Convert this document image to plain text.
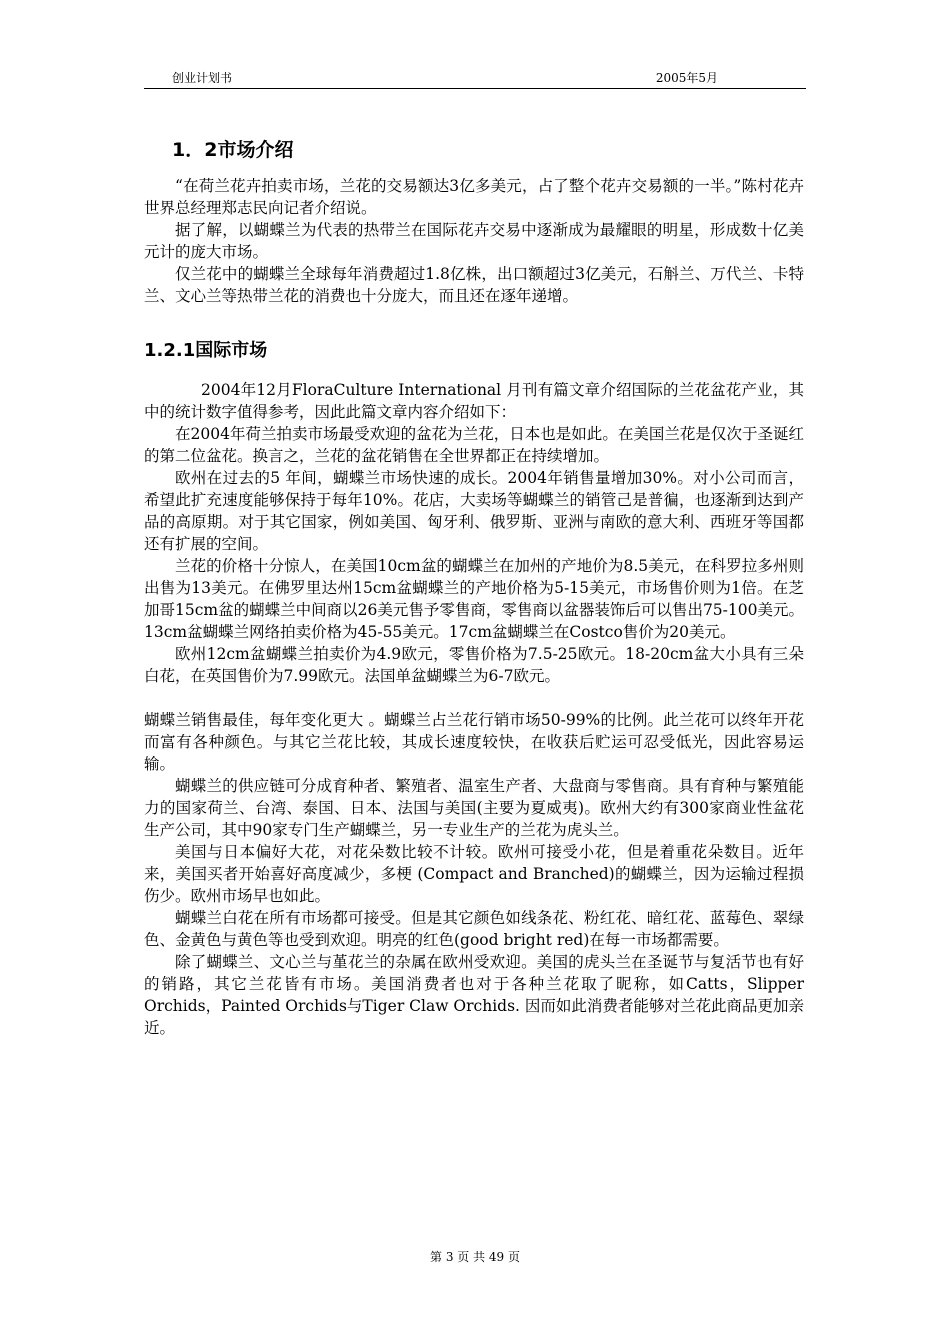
创业计划书	2005年5月
1．2市场介绍

“在荷兰花卉拍卖市场，兰花的交易额达3亿多美元，占了整个花卉交易额的一半。”陈村花卉世界总经理郑志民向记者介绍说。

据了解，以蝴蝶兰为代表的热带兰在国际花卉交易中逐渐成为最耀眼的明星，形成数十亿美元计的庞大市场。

仅兰花中的蝴蝶兰全球每年消费超过1.8亿株，出口额超过3亿美元，石斛兰、万代兰、卡特兰、文心兰等热带兰花的消费也十分庞大，而且还在逐年递增。

1.2.1国际市场

2004年12月FloraCulture International 月刊有篇文章介绍国际的兰花盆花产业，其中的统计数字值得参考，因此此篇文章内容介绍如下：

在2004年荷兰拍卖市场最受欢迎的盆花为兰花，日本也是如此。在美国兰花是仅次于圣诞红的第二位盆花。换言之，兰花的盆花销售在全世界都正在持续增加。

欧州在过去的5 年间，蝴蝶兰市场快速的成长。2004年销售量增加30%。对小公司而言，希望此扩充速度能够保持于每年10%。花店，大卖场等蝴蝶兰的销管己是普徧，也逐渐到达到产品的高原期。对于其它国家，例如美国、匈牙利、俄罗斯、亚洲与南欧的意大利、西班牙等国都还有扩展的空间。

兰花的价格十分惊人，在美国10cm盆的蝴蝶兰在加州的产地价为8.5美元，在科罗拉多州则出售为13美元。在佛罗里达州15cm盆蝴蝶兰的产地价格为5-15美元，市场售价则为1倍。在芝加哥15cm盆的蝴蝶兰中间商以26美元售予零售商，零售商以盆器装饰后可以售出75-100美元。13cm盆蝴蝶兰网络拍卖价格为45-55美元。17cm盆蝴蝶兰在Costco售价为20美元。

欧州12cm盆蝴蝶兰拍卖价为4.9欧元，零售价格为7.5-25欧元。18-20cm盆大小具有三朵白花，在英国售价为7.99欧元。法国单盆蝴蝶兰为6-7欧元。

蝴蝶兰销售最佳，每年变化更大 。蝴蝶兰占兰花行销市场50-99%的比例。此兰花可以终年开花而富有各种颜色。与其它兰花比较，其成长速度较快，在收获后贮运可忍受低光，因此容易运输。

蝴蝶兰的供应链可分成育种者、繁殖者、温室生产者、大盘商与零售商。具有育种与繁殖能力的国家荷兰、台湾、泰国、日本、法国与美国(主要为夏威夷)。欧州大约有300家商业性盆花生产公司，其中90家专门生产蝴蝶兰，另一专业生产的兰花为虎头兰。

美国与日本偏好大花，对花朵数比较不计较。欧州可接受小花，但是着重花朵数目。近年来，美国买者开始喜好高度减少，多梗 (Compact and Branched)的蝴蝶兰，因为运输过程损伤少。欧州市场早也如此。

蝴蝶兰白花在所有市场都可接受。但是其它颜色如线条花、粉红花、暗红花、蓝莓色、翠绿色、金黄色与黄色等也受到欢迎。明亮的红色(good bright red)在每一市场都需要。

除了蝴蝶兰、文心兰与堇花兰的杂属在欧州受欢迎。美国的虎头兰在圣诞节与复活节也有好的销路，其它兰花皆有市场。美国消费者也对于各种兰花取了昵称，如Catts，Slipper Orchids，Painted Orchids与Tiger Claw Orchids. 因而如此消费者能够对兰花此商品更加亲近。

第 3 页 共 49 页
